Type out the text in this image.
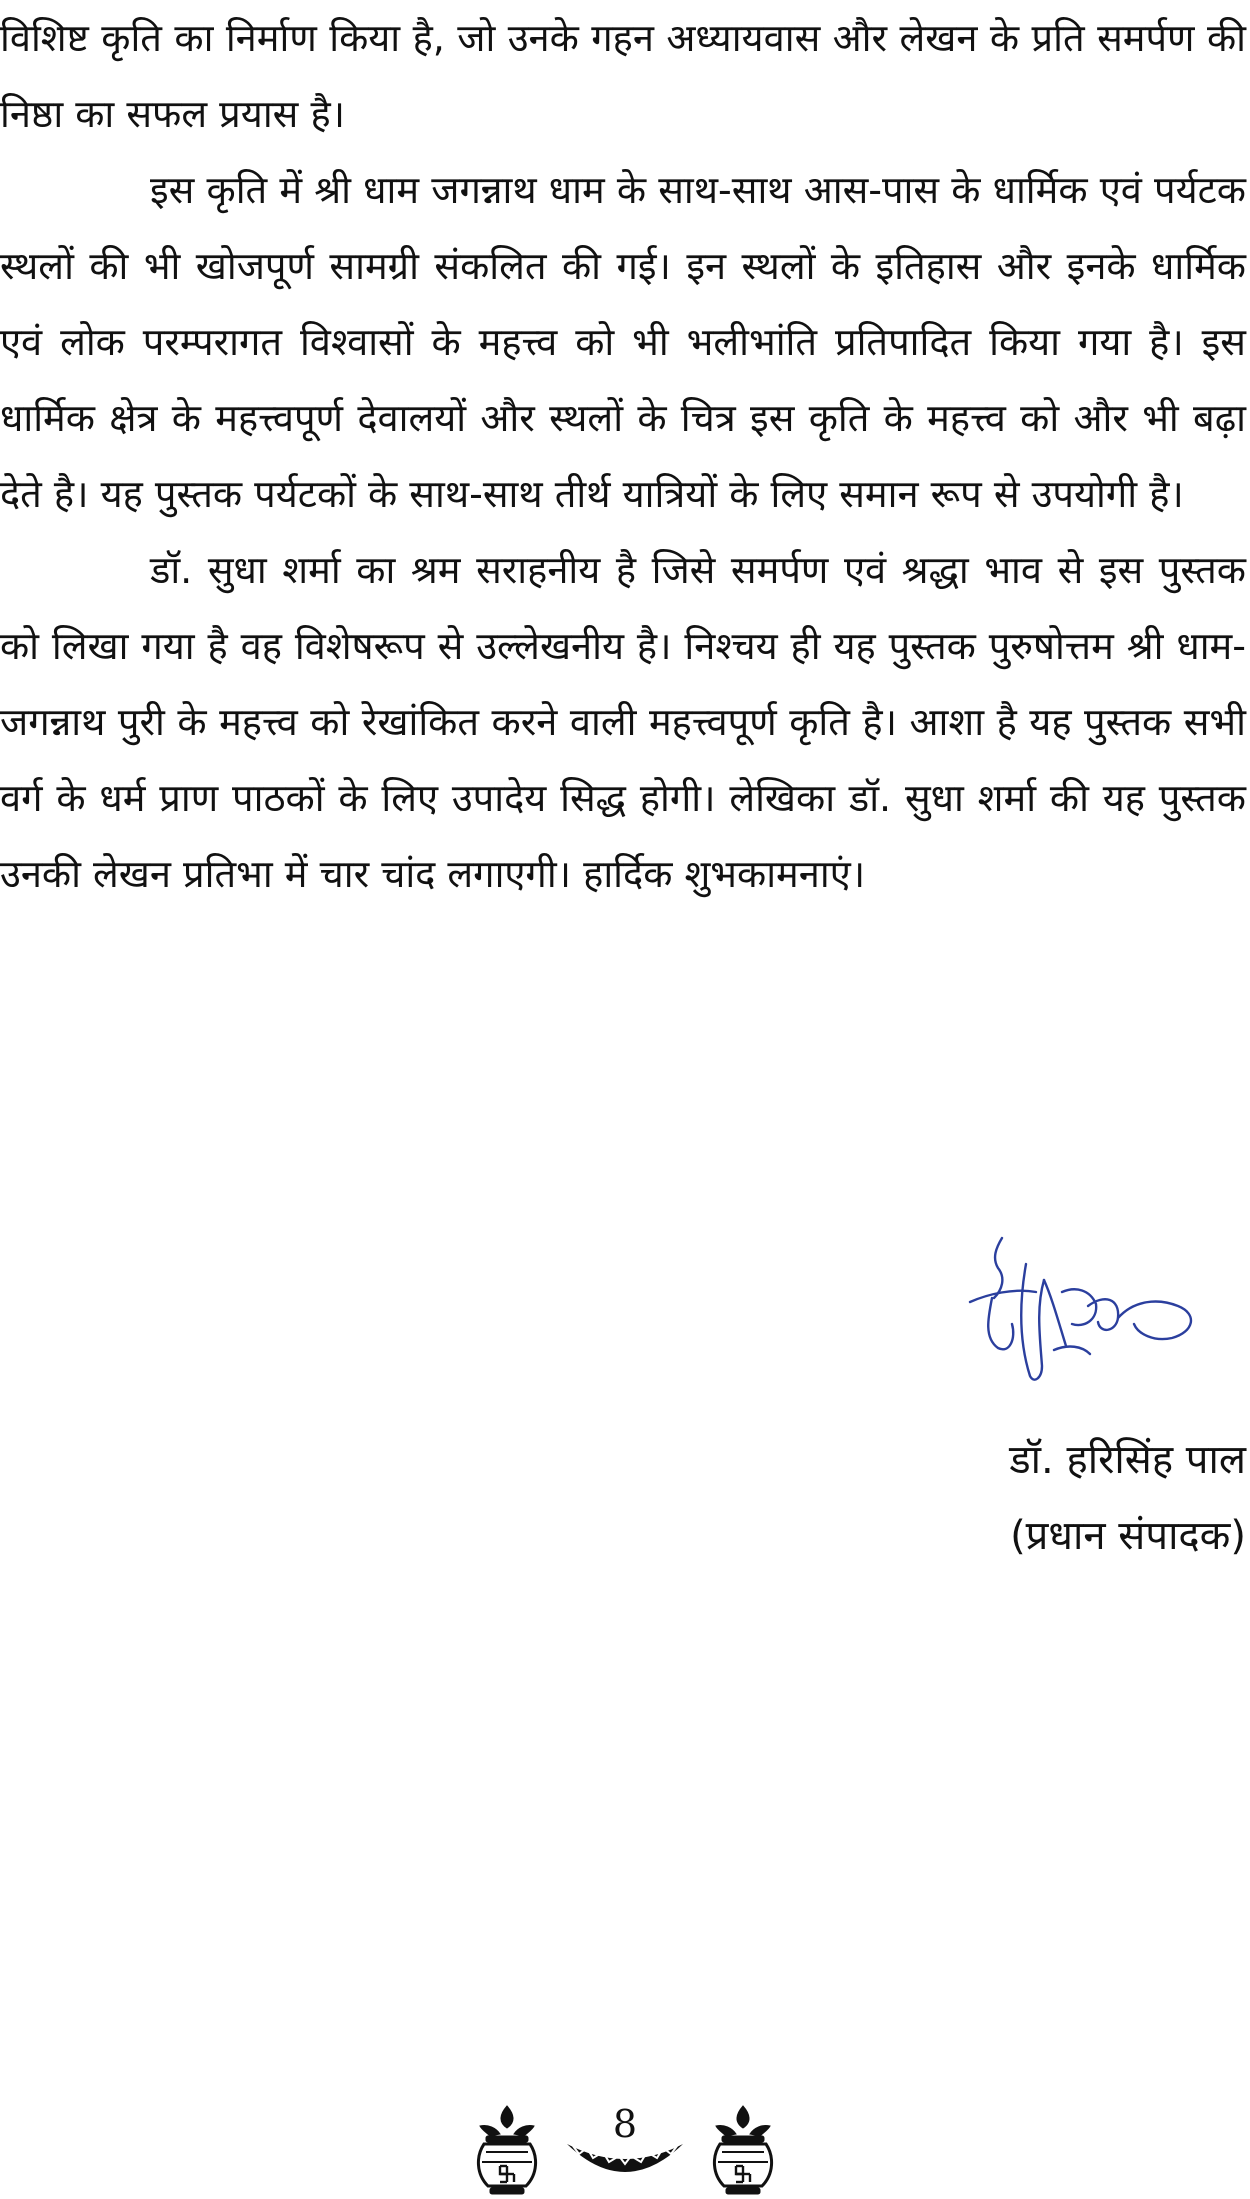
विशिष्ट कृति का निर्माण किया है, जो उनके गहन अध्यायवास और लेखन के प्रति समर्पण की निष्ठा का सफल प्रयास है।

इस कृति में श्री धाम जगन्नाथ धाम के साथ-साथ आस-पास के धार्मिक एवं पर्यटक स्थलों की भी खोजपूर्ण सामग्री संकलित की गई। इन स्थलों के इतिहास और इनके धार्मिक एवं लोक परम्परागत विश्वासों के महत्त्व को भी भलीभांति प्रतिपादित किया गया है। इस धार्मिक क्षेत्र के महत्त्वपूर्ण देवालयों और स्थलों के चित्र इस कृति के महत्त्व को और भी बढ़ा देते है। यह पुस्तक पर्यटकों के साथ-साथ तीर्थ यात्रियों के लिए समान रूप से उपयोगी है।

डॉ. सुधा शर्मा का श्रम सराहनीय है जिसे समर्पण एवं श्रद्धा भाव से इस पुस्तक को लिखा गया है वह विशेषरूप से उल्लेखनीय है। निश्चय ही यह पुस्तक पुरुषोत्तम श्री धाम-जगन्नाथ पुरी के महत्त्व को रेखांकित करने वाली महत्त्वपूर्ण कृति है। आशा है यह पुस्तक सभी वर्ग के धर्म प्राण पाठकों के लिए उपादेय सिद्ध होगी। लेखिका डॉ. सुधा शर्मा की यह पुस्तक उनकी लेखन प्रतिभा में चार चांद लगाएगी। हार्दिक शुभकामनाएं।

डॉ. हरिसिंह पाल
(प्रधान संपादक)
8
